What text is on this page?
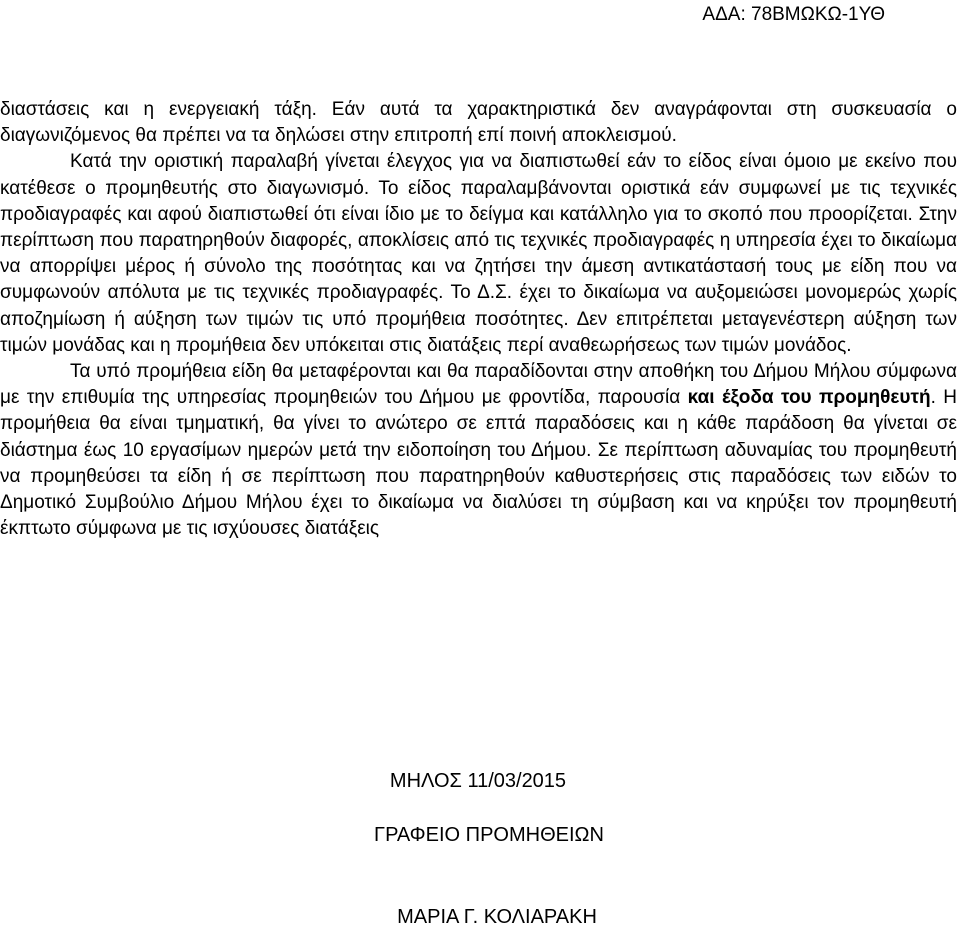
ΑΔΑ: 78ΒΜΩΚΩ-1ΥΘ

διαστάσεις και η ενεργειακή τάξη. Εάν αυτά τα χαρακτηριστικά δεν αναγράφονται στη συσκευασία ο διαγωνιζόμενος θα πρέπει να τα δηλώσει στην επιτροπή επί ποινή αποκλεισμού.

Κατά την οριστική παραλαβή γίνεται έλεγχος για να διαπιστωθεί εάν το είδος είναι όμοιο με εκείνο που κατέθεσε ο προμηθευτής στο διαγωνισμό. Το είδος παραλαμβάνονται οριστικά εάν συμφωνεί με τις τεχνικές προδιαγραφές και αφού διαπιστωθεί ότι είναι ίδιο με το δείγμα και κατάλληλο για το σκοπό που προορίζεται. Στην περίπτωση που παρατηρηθούν διαφορές, αποκλίσεις από τις τεχνικές προδιαγραφές η υπηρεσία έχει το δικαίωμα να απορρίψει μέρος ή σύνολο της ποσότητας και να ζητήσει την άμεση αντικατάστασή τους με είδη που να συμφωνούν απόλυτα με τις τεχνικές προδιαγραφές. Το Δ.Σ. έχει το δικαίωμα να αυξομειώσει μονομερώς χωρίς αποζημίωση ή αύξηση των τιμών τις υπό προμήθεια ποσότητες. Δεν επιτρέπεται μεταγενέστερη αύξηση των τιμών μονάδας και η προμήθεια δεν υπόκειται στις διατάξεις περί αναθεωρήσεως των τιμών μονάδος.

Τα υπό προμήθεια είδη θα μεταφέρονται και θα παραδίδονται στην αποθήκη του Δήμου Μήλου σύμφωνα με την επιθυμία της υπηρεσίας προμηθειών του Δήμου με φροντίδα, παρουσία και έξοδα του προμηθευτή. Η προμήθεια θα είναι τμηματική, θα γίνει το ανώτερο σε επτά παραδόσεις και η κάθε παράδοση θα γίνεται σε διάστημα έως 10 εργασίμων ημερών μετά την ειδοποίηση του Δήμου. Σε περίπτωση αδυναμίας του προμηθευτή να προμηθεύσει τα είδη ή σε περίπτωση που παρατηρηθούν καθυστερήσεις στις παραδόσεις των ειδών το Δημοτικό Συμβούλιο Δήμου Μήλου έχει το δικαίωμα να διαλύσει τη σύμβαση και να κηρύξει τον προμηθευτή έκπτωτο σύμφωνα με τις ισχύουσες διατάξεις

ΜΗΛΟΣ 11/03/2015
ΓΡΑΦΕΙΟ ΠΡΟΜΗΘΕΙΩΝ
ΜΑΡΙΑ Γ. ΚΟΛΙΑΡΑΚΗ
